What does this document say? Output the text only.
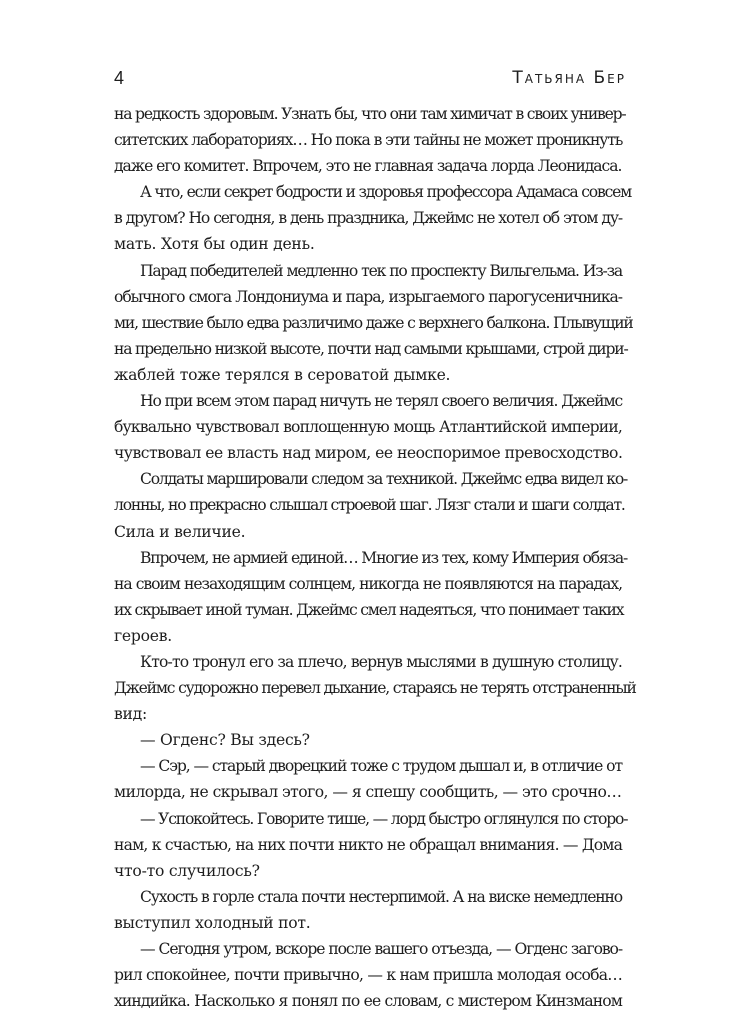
4	Татьяна Бер
на редкость здоровым. Узнать бы, что они там химичат в своих универ-
ситетских лабораториях… Но пока в эти тайны не может проникнуть
даже его комитет. Впрочем, это не главная задача лорда Леонидаса.
А что, если секрет бодрости и здоровья профессора Адамаса совсем
в другом? Но сегодня, в день праздника, Джеймс не хотел об этом ду-
мать. Хотя бы один день.
Парад победителей медленно тек по проспекту Вильгельма. Из-за
обычного смога Лондониума и пара, изрыгаемого парогусеничника-
ми, шествие было едва различимо даже с верхнего балкона. Плывущий
на предельно низкой высоте, почти над самыми крышами, строй дири-
жаблей тоже терялся в сероватой дымке.
Но при всем этом парад ничуть не терял своего величия. Джеймс
буквально чувствовал воплощенную мощь Атлантийской империи,
чувствовал ее власть над миром, ее неоспоримое превосходство.
Солдаты маршировали следом за техникой. Джеймс едва видел ко-
лонны, но прекрасно слышал строевой шаг. Лязг стали и шаги солдат.
Сила и величие.
Впрочем, не армией единой… Многие из тех, кому Империя обяза-
на своим незаходящим солнцем, никогда не появляются на парадах,
их скрывает иной туман. Джеймс смел надеяться, что понимает таких
героев.
Кто-то тронул его за плечо, вернув мыслями в душную столицу.
Джеймс судорожно перевел дыхание, стараясь не терять отстраненный
вид:
— Огденс? Вы здесь?
— Сэр, — старый дворецкий тоже с трудом дышал и, в отличие от
милорда, не скрывал этого, — я спешу сообщить, — это срочно…
— Успокойтесь. Говорите тише, — лорд быстро оглянулся по сторо-
нам, к счастью, на них почти никто не обращал внимания. — Дома
что-то случилось?
Сухость в горле стала почти нестерпимой. А на виске немедленно
выступил холодный пот.
— Сегодня утром, вскоре после вашего отъезда, — Огденс загово-
рил спокойнее, почти привычно, — к нам пришла молодая особа…
хиндийка. Насколько я понял по ее словам, с мистером Кинзманом
